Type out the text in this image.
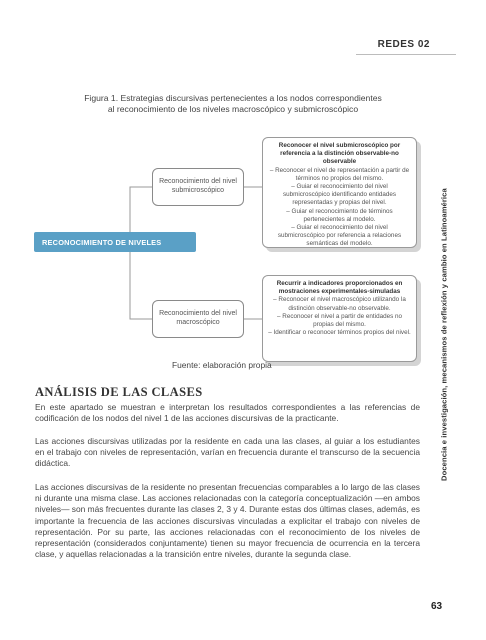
REDES 02
Figura 1. Estrategias discursivas pertenecientes a los nodos correspondientes
al reconocimiento de los niveles macroscópico y submicroscópico
RECONOCIMIENTO DE NIVELES
Reconocimiento del nivel submicroscópico
Reconocimiento del nivel macroscópico
Reconocer el nivel submicroscópico por referencia a la distinción observable-no observable
– Reconocer el nivel de representación a partir de términos no propios del mismo.
– Guiar el reconocimiento del nivel submicroscópico identificando entidades representadas y propias del nivel.
– Guiar el reconocimiento de términos pertenecientes al modelo.
– Guiar el reconocimiento del nivel submicroscópico por referencia a relaciones semánticas del modelo.
Recurrir a indicadores proporcionados en mostraciones experimentales-simuladas
– Reconocer el nivel macroscópico utilizando la distinción observable-no observable.
– Reconocer el nivel a partir de entidades no propias del mismo.
– Identificar o reconocer términos propios del nivel.
Fuente: elaboración propia
ANÁLISIS DE LAS CLASES
En este apartado se muestran e interpretan los resultados correspondientes a las referencias de codificación de los nodos del nivel 1 de las acciones discursivas de la practicante.
Las acciones discursivas utilizadas por la residente en cada una las clases, al guiar a los estudiantes en el trabajo con niveles de representación, varían en frecuencia durante el transcurso de la secuencia didáctica.
Las acciones discursivas de la residente no presentan frecuencias comparables a lo largo de las clases ni durante una misma clase. Las acciones relacionadas con la categoría conceptualización —en ambos niveles— son más frecuentes durante las clases 2, 3 y 4. Durante estas dos últimas clases, además, es importante la frecuencia de las acciones discursivas vinculadas a explicitar el trabajo con niveles de representación. Por su parte, las acciones relacionadas con el reconocimiento de los niveles de representación (considerados conjuntamente) tienen su mayor frecuencia de ocurrencia en la tercera clase, y aquellas relacionadas a la transición entre niveles, durante la segunda clase.
Docencia e investigación, mecanismos de reflexión y cambio en Latinoamérica
63
